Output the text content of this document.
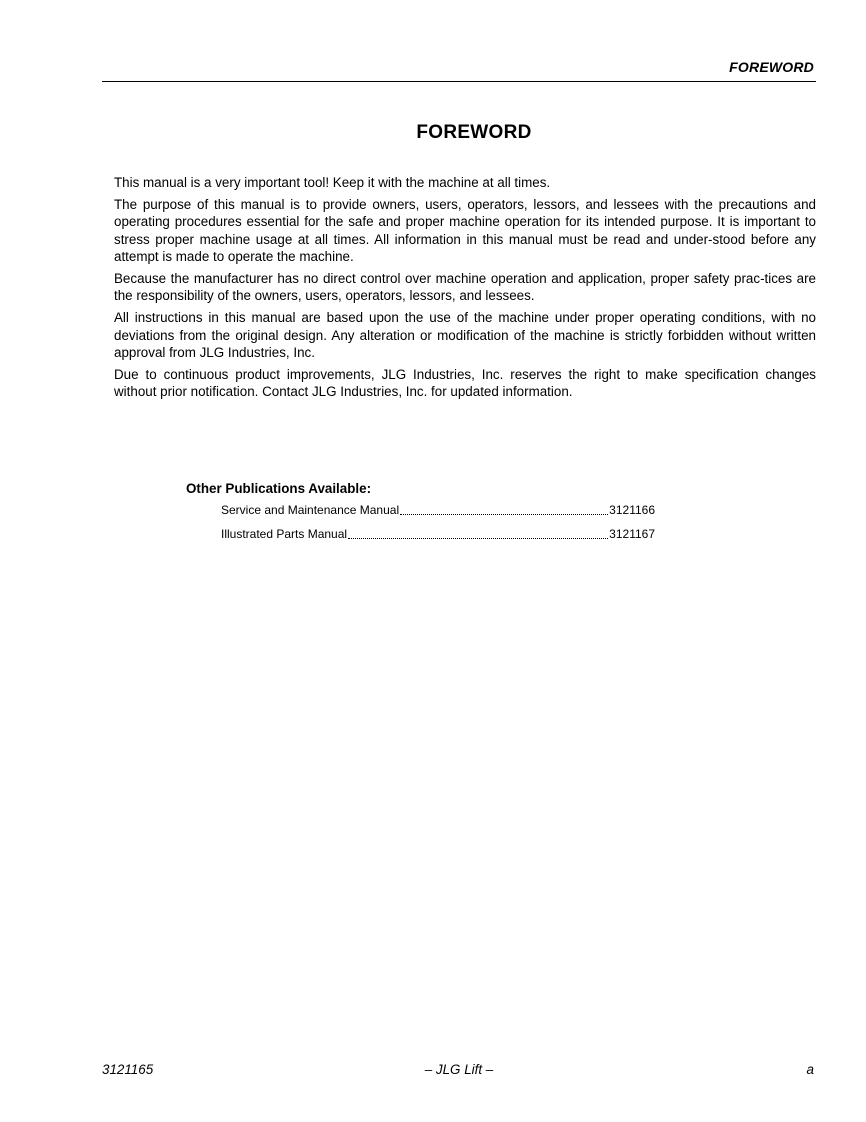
FOREWORD
FOREWORD

This manual is a very important tool! Keep it with the machine at all times.

The purpose of this manual is to provide owners, users, operators, lessors, and lessees with the precautions and operating procedures essential for the safe and proper machine operation for its intended purpose. It is important to stress proper machine usage at all times. All information in this manual must be read and under-stood before any attempt is made to operate the machine.

Because the manufacturer has no direct control over machine operation and application, proper safety prac-tices are the responsibility of the owners, users, operators, lessors, and lessees.

All instructions in this manual are based upon the use of the machine under proper operating conditions, with no deviations from the original design. Any alteration or modification of the machine is strictly forbidden without written approval from JLG Industries, Inc.

Due to continuous product improvements, JLG Industries, Inc. reserves the right to make specification changes without prior notification. Contact JLG Industries, Inc. for updated information.

Other Publications Available:
Service and Maintenance Manual	3121166
Illustrated Parts Manual	3121167
3121165	– JLG Lift –	a
